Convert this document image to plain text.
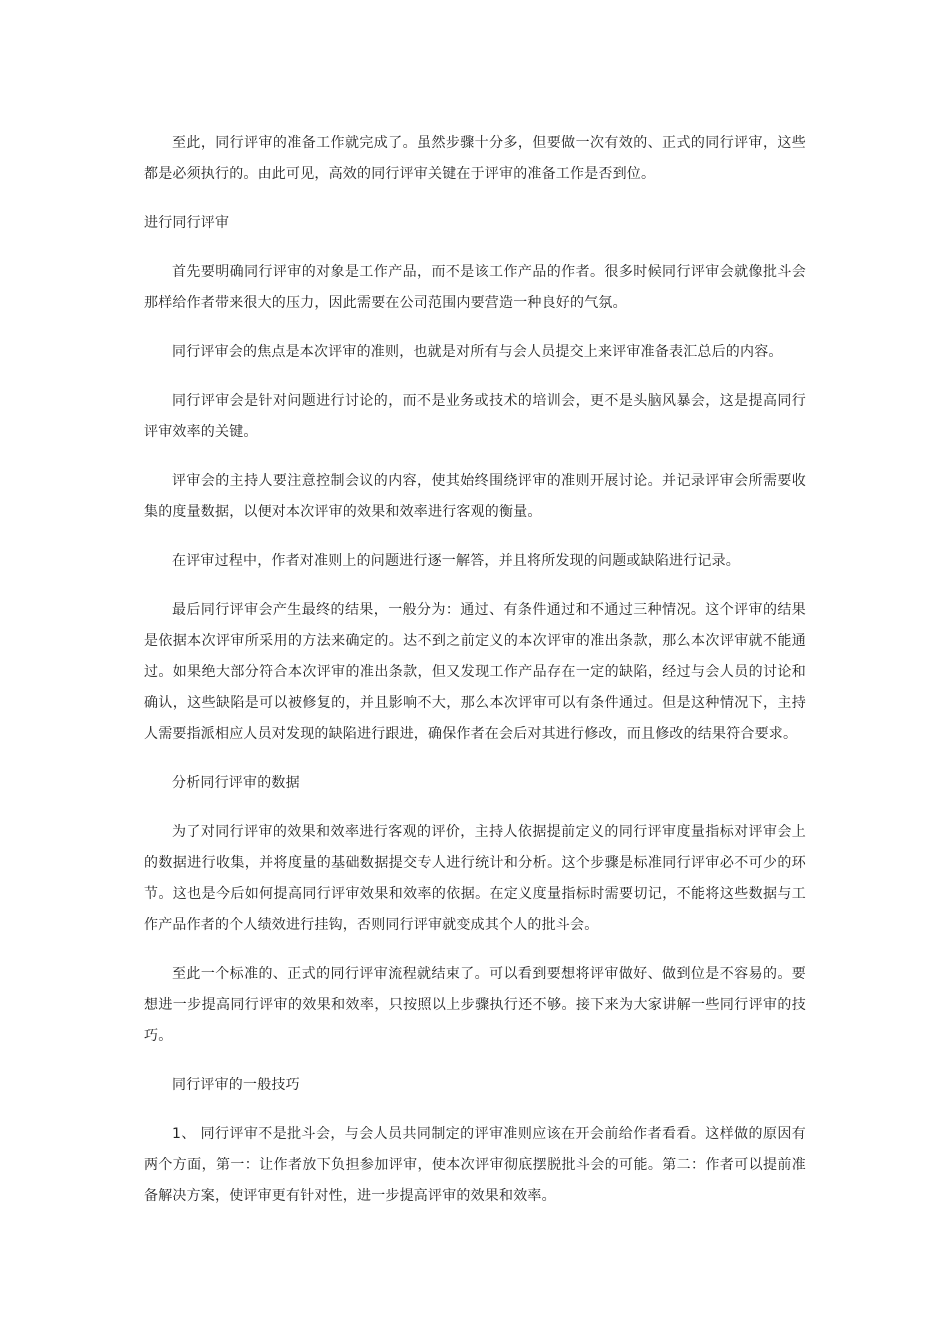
至此，同行评审的准备工作就完成了。虽然步骤十分多，但要做一次有效的、正式的同行评审，这些都是必须执行的。由此可见，高效的同行评审关键在于评审的准备工作是否到位。

进行同行评审

首先要明确同行评审的对象是工作产品，而不是该工作产品的作者。很多时候同行评审会就像批斗会那样给作者带来很大的压力，因此需要在公司范围内要营造一种良好的气氛。

同行评审会的焦点是本次评审的准则，也就是对所有与会人员提交上来评审准备表汇总后的内容。

同行评审会是针对问题进行讨论的，而不是业务或技术的培训会，更不是头脑风暴会，这是提高同行评审效率的关键。

评审会的主持人要注意控制会议的内容，使其始终围绕评审的准则开展讨论。并记录评审会所需要收集的度量数据，以便对本次评审的效果和效率进行客观的衡量。

在评审过程中，作者对准则上的问题进行逐一解答，并且将所发现的问题或缺陷进行记录。

最后同行评审会产生最终的结果，一般分为：通过、有条件通过和不通过三种情况。这个评审的结果是依据本次评审所采用的方法来确定的。达不到之前定义的本次评审的准出条款，那么本次评审就不能通过。如果绝大部分符合本次评审的准出条款，但又发现工作产品存在一定的缺陷，经过与会人员的讨论和确认，这些缺陷是可以被修复的，并且影响不大，那么本次评审可以有条件通过。但是这种情况下，主持人需要指派相应人员对发现的缺陷进行跟进，确保作者在会后对其进行修改，而且修改的结果符合要求。

分析同行评审的数据

为了对同行评审的效果和效率进行客观的评价，主持人依据提前定义的同行评审度量指标对评审会上的数据进行收集，并将度量的基础数据提交专人进行统计和分析。这个步骤是标准同行评审必不可少的环节。这也是今后如何提高同行评审效果和效率的依据。在定义度量指标时需要切记，不能将这些数据与工作产品作者的个人绩效进行挂钩，否则同行评审就变成其个人的批斗会。

至此一个标准的、正式的同行评审流程就结束了。可以看到要想将评审做好、做到位是不容易的。要想进一步提高同行评审的效果和效率，只按照以上步骤执行还不够。接下来为大家讲解一些同行评审的技巧。

同行评审的一般技巧

1、 同行评审不是批斗会，与会人员共同制定的评审准则应该在开会前给作者看看。这样做的原因有两个方面，第一：让作者放下负担参加评审，使本次评审彻底摆脱批斗会的可能。第二：作者可以提前准备解决方案，使评审更有针对性，进一步提高评审的效果和效率。
